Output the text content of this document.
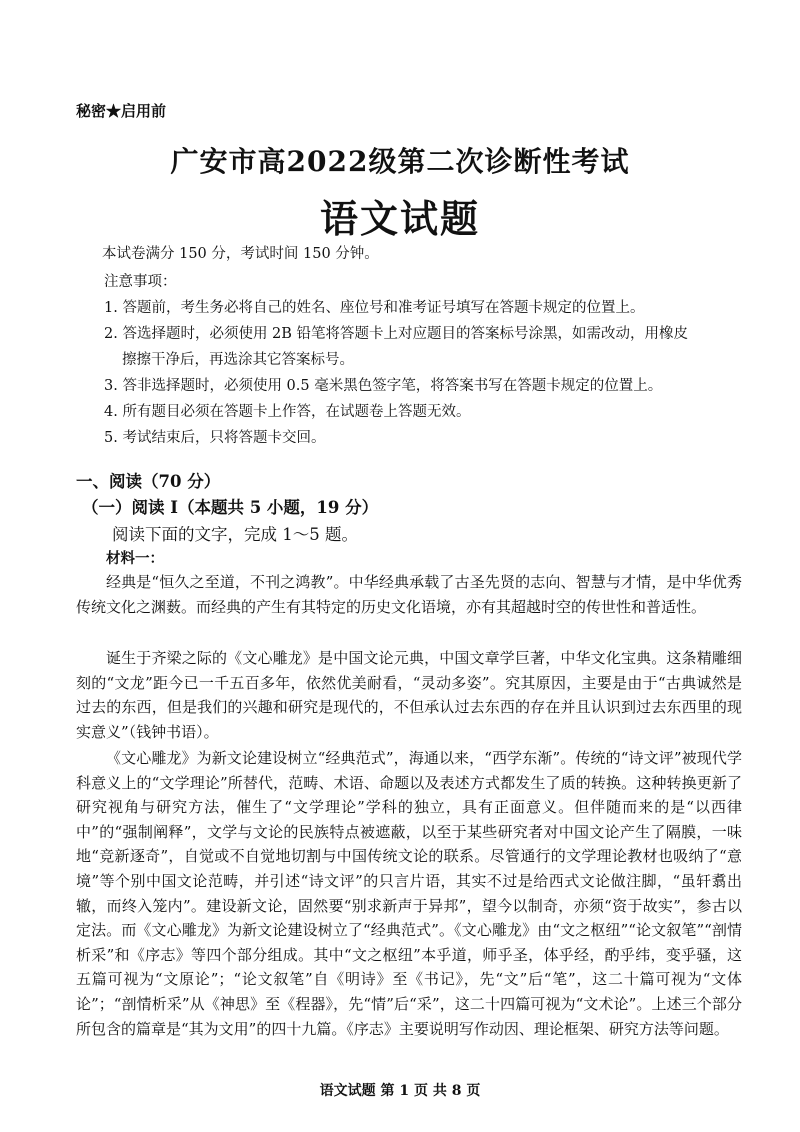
秘密★启用前
广安市高2022级第二次诊断性考试
语文试题
本试卷满分 150 分，考试时间 150 分钟。
注意事项：
1. 答题前，考生务必将自己的姓名、座位号和准考证号填写在答题卡规定的位置上。
2. 答选择题时，必须使用 2B 铅笔将答题卡上对应题目的答案标号涂黑，如需改动，用橡皮
擦擦干净后，再选涂其它答案标号。
3. 答非选择题时，必须使用 0.5 毫米黑色签字笔，将答案书写在答题卡规定的位置上。
4. 所有题目必须在答题卡上作答，在试题卷上答题无效。
5. 考试结束后，只将答题卡交回。
一、阅读（70 分）
（一）阅读 I（本题共 5 小题，19 分）
阅读下面的文字，完成 1～5 题。
材料一：

经典是“恒久之至道，不刊之鸿教”。中华经典承载了古圣先贤的志向、智慧与才情，是中华优秀传统文化之渊薮。而经典的产生有其特定的历史文化语境，亦有其超越时空的传世性和普适性。

诞生于齐梁之际的《文心雕龙》是中国文论元典，中国文章学巨著，中华文化宝典。这条精雕细刻的“文龙”距今已一千五百多年，依然优美耐看，“灵动多姿”。究其原因，主要是由于“古典诚然是过去的东西，但是我们的兴趣和研究是现代的，不但承认过去东西的存在并且认识到过去东西里的现实意义”（钱钟书语）。

《文心雕龙》为新文论建设树立“经典范式”，海通以来，“西学东渐”。传统的“诗文评”被现代学科意义上的“文学理论”所替代，范畴、术语、命题以及表述方式都发生了质的转换。这种转换更新了研究视角与研究方法，催生了“文学理论”学科的独立，具有正面意义。但伴随而来的是“以西律中”的“强制阐释”，文学与文论的民族特点被遮蔽，以至于某些研究者对中国文论产生了隔膜，一味地“竞新逐奇”，自觉或不自觉地切割与中国传统文论的联系。尽管通行的文学理论教材也吸纳了“意境”等个别中国文论范畴，并引述“诗文评”的只言片语，其实不过是给西式文论做注脚，“虽轩翥出辙，而终入笼内”。建设新文论，固然要“别求新声于异邦”，望今以制奇，亦须“资于故实”，参古以定法。而《文心雕龙》为新文论建设树立了“经典范式”。《文心雕龙》由“文之枢纽”“论文叙笔”“剖情析采”和《序志》等四个部分组成。其中“文之枢纽”本乎道，师乎圣，体乎经，酌乎纬，变乎骚，这五篇可视为“文原论”；“论文叙笔”自《明诗》至《书记》，先“文”后“笔”，这二十篇可视为“文体论”；“剖情析采”从《神思》至《程器》，先“情”后“采”，这二十四篇可视为“文术论”。上述三个部分所包含的篇章是“其为文用”的四十九篇。《序志》主要说明写作动因、理论框架、研究方法等问题。

语文试题 第 1 页 共 8 页
